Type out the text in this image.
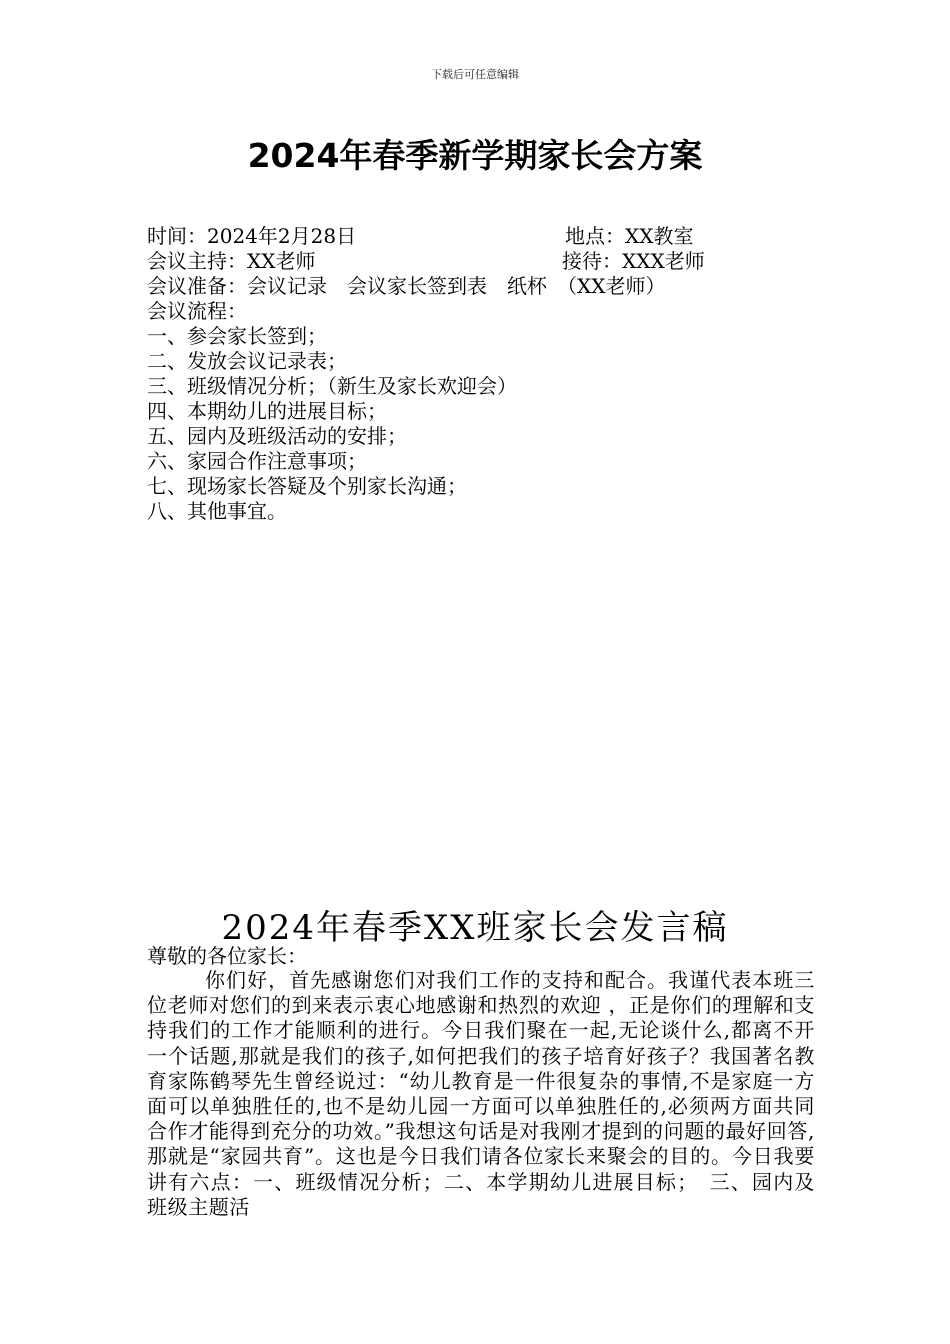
下载后可任意编辑
2024年春季新学期家长会方案
时间：2024年2月28日	地点：XX教室
会议主持：XX老师	接待：XXX老师
会议准备：会议记录　会议家长签到表　纸杯　（XX老师）
会议流程：
一、参会家长签到；
二、发放会议记录表；
三、班级情况分析；（新生及家长欢迎会）
四、本期幼儿的进展目标；
五、园内及班级活动的安排；
六、家园合作注意事项；
七、现场家长答疑及个别家长沟通；
八、其他事宜。
2024年春季XX班家长会发言稿
尊敬的各位家长：
你们好，首先感谢您们对我们工作的支持和配合。我谨代表本班三位老师对您们的到来表示衷心地感谢和热烈的欢迎 ，正是你们的理解和支持我们的工作才能顺利的进行。今日我们聚在一起,无论谈什么,都离不开一个话题,那就是我们的孩子,如何把我们的孩子培育好孩子？我国著名教育家陈鹤琴先生曾经说过：“幼儿教育是一件很复杂的事情,不是家庭一方面可以单独胜任的,也不是幼儿园一方面可以单独胜任的,必须两方面共同合作才能得到充分的功效。”我想这句话是对我刚才提到的问题的最好回答,那就是“家园共育”。这也是今日我们请各位家长来聚会的目的。今日我要讲有六点：一、班级情况分析；二、本学期幼儿进展目标；　三、园内及班级主题活
